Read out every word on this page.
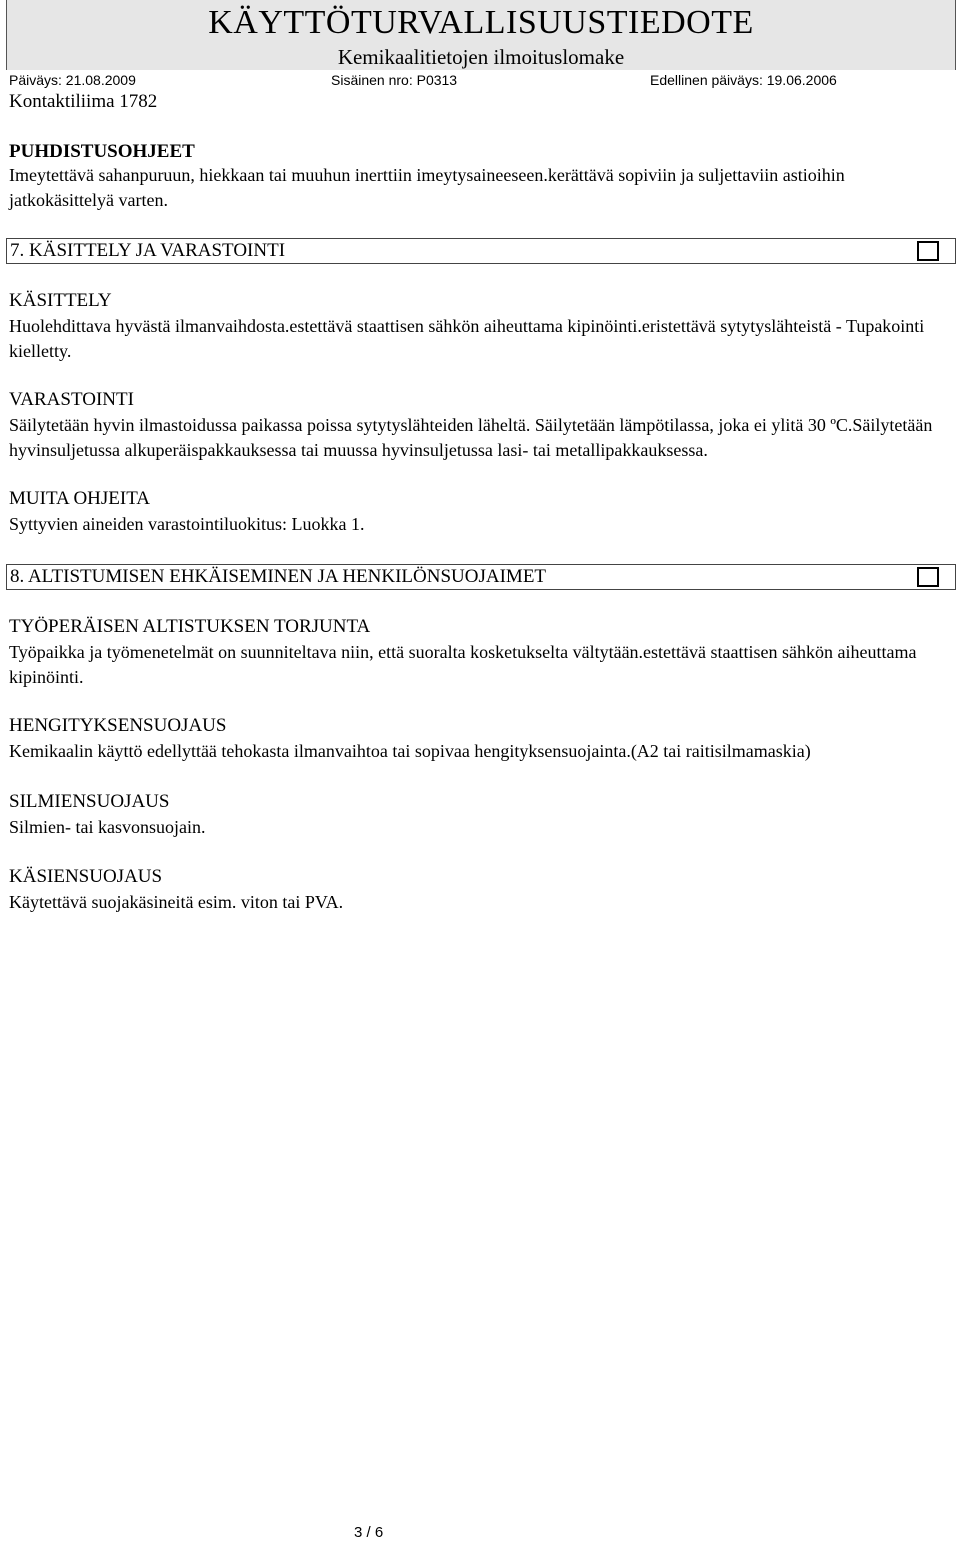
KÄYTTÖTURVALLISUUSTIEDOTE
Kemikaalitietojen ilmoituslomake
Päiväys: 21.08.2009	Sisäinen nro: P0313	Edellinen päiväys: 19.06.2006
Kontaktiliima 1782
PUHDISTUSOHJEET
Imeytettävä sahanpuruun, hiekkaan tai muuhun inerttiin imeytysaineeseen.kerättävä sopiviin ja suljettaviin astioihin jatkokäsittelyä varten.
7. KÄSITTELY JA VARASTOINTI
KÄSITTELY
Huolehdittava hyvästä ilmanvaihdosta.estettävä staattisen sähkön aiheuttama kipinöinti.eristettävä sytytyslähteistä - Tupakointi kielletty.
VARASTOINTI
Säilytetään hyvin ilmastoidussa paikassa poissa sytytyslähteiden läheltä. Säilytetään lämpötilassa, joka ei ylitä 30 ºC.Säilytetään hyvinsuljetussa alkuperäispakkauksessa tai muussa hyvinsuljetussa lasi- tai metallipakkauksessa.
MUITA OHJEITA
Syttyvien aineiden varastointiluokitus: Luokka 1.
8. ALTISTUMISEN EHKÄISEMINEN JA HENKILÖNSUOJAIMET
TYÖPERÄISEN ALTISTUKSEN TORJUNTA
Työpaikka ja työmenetelmät on suunniteltava niin, että suoralta kosketukselta vältytään.estettävä staattisen sähkön aiheuttama kipinöinti.
HENGITYKSENSUOJAUS
Kemikaalin käyttö edellyttää tehokasta ilmanvaihtoa tai sopivaa hengityksensuojainta.(A2 tai raitisilmamaskia)
SILMIENSUOJAUS
Silmien- tai kasvonsuojain.
KÄSIENSUOJAUS
Käytettävä suojakäsineitä esim. viton tai PVA.
3 / 6
